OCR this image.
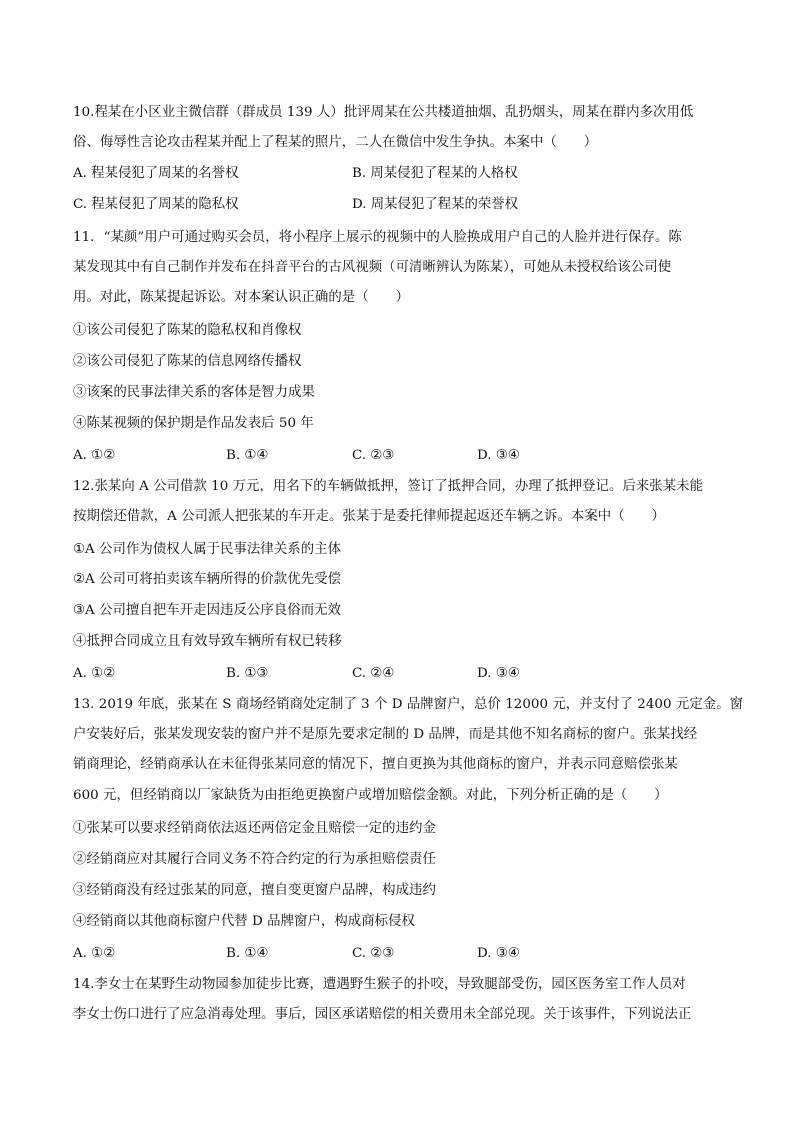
10.程某在小区业主微信群（群成员 139 人）批评周某在公共楼道抽烟、乱扔烟头，周某在群内多次用低
俗、侮辱性言论攻击程某并配上了程某的照片，二人在微信中发生争执。本案中（　　）
A. 程某侵犯了周某的名誉权	B. 周某侵犯了程某的人格权
C. 程某侵犯了周某的隐私权	D. 周某侵犯了程某的荣誉权
11．“某颜”用户可通过购买会员，将小程序上展示的视频中的人脸换成用户自己的人脸并进行保存。陈
某发现其中有自己制作并发布在抖音平台的古风视频（可清晰辨认为陈某），可她从未授权给该公司使
用。对此，陈某提起诉讼。对本案认识正确的是（　　）
①该公司侵犯了陈某的隐私权和肖像权
②该公司侵犯了陈某的信息网络传播权
③该案的民事法律关系的客体是智力成果
④陈某视频的保护期是作品发表后 50 年
A. ①②	B. ①④	C. ②③	D. ③④
12.张某向 A 公司借款 10 万元，用名下的车辆做抵押，签订了抵押合同，办理了抵押登记。后来张某未能
按期偿还借款，A 公司派人把张某的车开走。张某于是委托律师提起返还车辆之诉。本案中（　　）
①A 公司作为债权人属于民事法律关系的主体
②A 公司可将拍卖该车辆所得的价款优先受偿
③A 公司擅自把车开走因违反公序良俗而无效
④抵押合同成立且有效导致车辆所有权已转移
A. ①②	B. ①③	C. ②④	D. ③④
13. 2019 年底，张某在 S 商场经销商处定制了 3 个 D 品牌窗户，总价 12000 元，并支付了 2400 元定金。窗
户安装好后，张某发现安装的窗户并不是原先要求定制的 D 品牌，而是其他不知名商标的窗户。张某找经
销商理论，经销商承认在未征得张某同意的情况下，擅自更换为其他商标的窗户，并表示同意赔偿张某
600 元，但经销商以厂家缺货为由拒绝更换窗户或增加赔偿金额。对此，下列分析正确的是（　　）
①张某可以要求经销商依法返还两倍定金且赔偿一定的违约金
②经销商应对其履行合同义务不符合约定的行为承担赔偿责任
③经销商没有经过张某的同意，擅自变更窗户品牌，构成违约
④经销商以其他商标窗户代替 D 品牌窗户，构成商标侵权
A. ①②	B. ①④	C. ②③	D. ③④
14.李女士在某野生动物园参加徒步比赛，遭遇野生猴子的扑咬，导致腿部受伤，园区医务室工作人员对
李女士伤口进行了应急消毒处理。事后，园区承诺赔偿的相关费用未全部兑现。关于该事件，下列说法正
